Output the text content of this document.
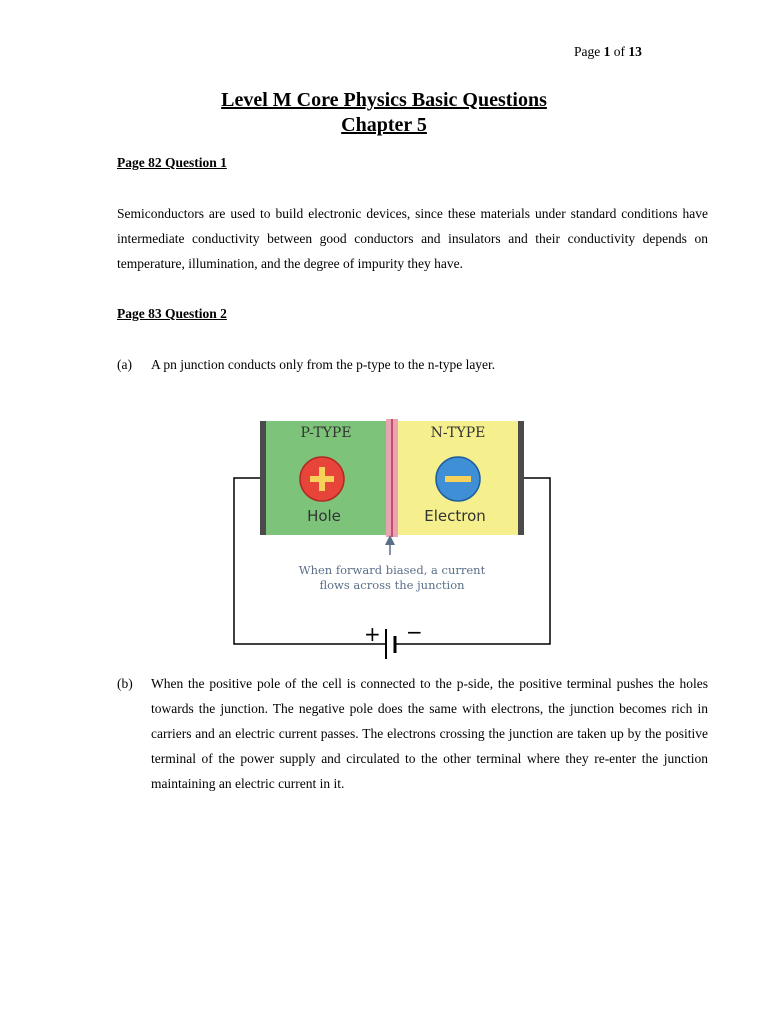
Page 1 of 13
Level M Core Physics Basic Questions
Chapter 5
Page 82 Question 1

Semiconductors are used to build electronic devices, since these materials under standard conditions have intermediate conductivity between good conductors and insulators and their conductivity depends on temperature, illumination, and the degree of impurity they have.

Page 83 Question 2
(a)	A pn junction conducts only from the p-type to the n-type layer.
+ −
P-TYPE	N-TYPE
Hole	Electron
When forward biased, a current
flows across the junction
(b)	When the positive pole of the cell is connected to the p-side, the positive terminal pushes the holes towards the junction. The negative pole does the same with electrons, the junction becomes rich in carriers and an electric current passes. The electrons crossing the junction are taken up by the positive terminal of the power supply and circulated to the other terminal where they re-enter the junction maintaining an electric current in it.
